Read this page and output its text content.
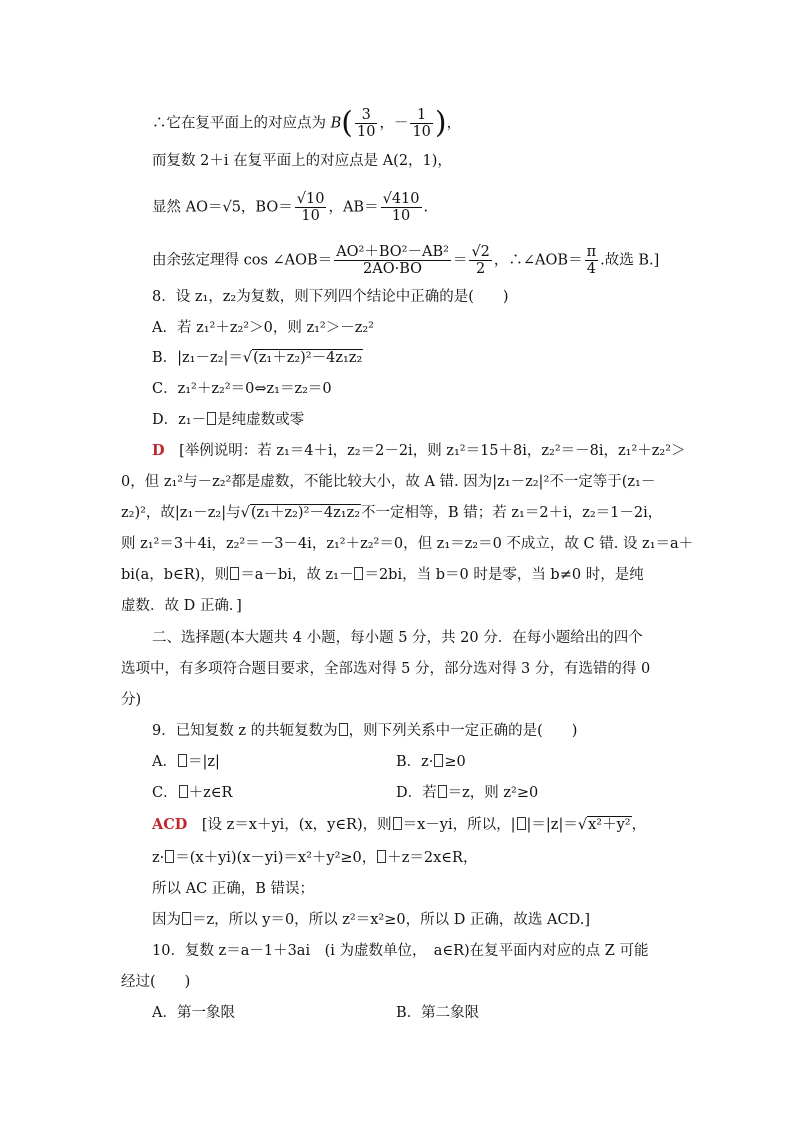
∴它在复平面上的对应点为 $B( \frac{3}{10}$ ，－ $\frac{1}{10}$ )，
而复数 2＋i 在复平面上的对应点是 A(2，1)，
显然 AO＝√5，$BO= \frac{√10}{10}$ ，$AB= \frac{√410}{10}$ .
由余弦定理得 cos ∠AOB＝ $\frac{\text{AO²＋BO²－AB²}}{2AO\cdot BO} = \frac{√2}{2}$ ，∴∠AOB＝ $\frac{\pi}{4}$ .故选 B.]
8．设 z₁，z₂为复数，则下列四个结论中正确的是(　　)
A．若 z₁²＋z₂²＞0，则 z₁²＞－z₂²
B．|z₁－z₂|＝√(z₁＋z₂)²－4z₁z₂
C．z₁²＋z₂²＝0⇔z₁＝z₂＝0
D．z₁－ 是纯虚数或零
D　[举例说明：若 z₁＝4＋i，z₂＝2－2i，则 z₁²＝15＋8i，z₂²＝－8i，z₁²＋z₂²＞
0，但 z₁²与－z₂²都是虚数，不能比较大小，故 A 错. 因为|z₁－z₂|²不一定等于(z₁－
z₂)²，故|z₁－z₂|与√(z₁＋z₂)²－4z₁z₂不一定相等，B 错；若 z₁＝2＋i，z₂＝1－2i，
则 z₁²＝3＋4i，z₂²＝－3－4i，z₁²＋z₂²＝0，但 z₁＝z₂＝0 不成立，故 C 错. 设 z₁＝a＋
bi(a，b∈R)，则 ＝a－bi，故 z₁－ ＝2bi，当 b＝0 时是零，当 b≠0 时，是纯
虚数．故 D 正确．]
二、选择题(本大题共 4 小题，每小题 5 分，共 20 分．在每小题给出的四个
选项中，有多项符合题目要求，全部选对得 5 分，部分选对得 3 分，有选错的得 0
分)
9．已知复数 z 的共轭复数为 ，则下列关系中一定正确的是(　　)
A． ＝|z|	B．z· ≥0
C． ＋z∈R	D．若 ＝z，则 z²≥0
ACD　[设 z＝x＋yi，(x，y∈R)，则 ＝x－yi，所以，| |＝|z|＝√x²＋y²，
z· ＝(x＋yi)(x－yi)＝x²＋y²≥0， ＋z＝2x∈R，
所以 AC 正确，B 错误；
因为 ＝z，所以 y＝0，所以 z²＝x²≥0，所以 D 正确，故选 ACD.]
10．复数 z＝a－1＋3ai　(i 为虚数单位，　a∈R)在复平面内对应的点 Z 可能
经过(　　)
A．第一象限	B．第二象限
